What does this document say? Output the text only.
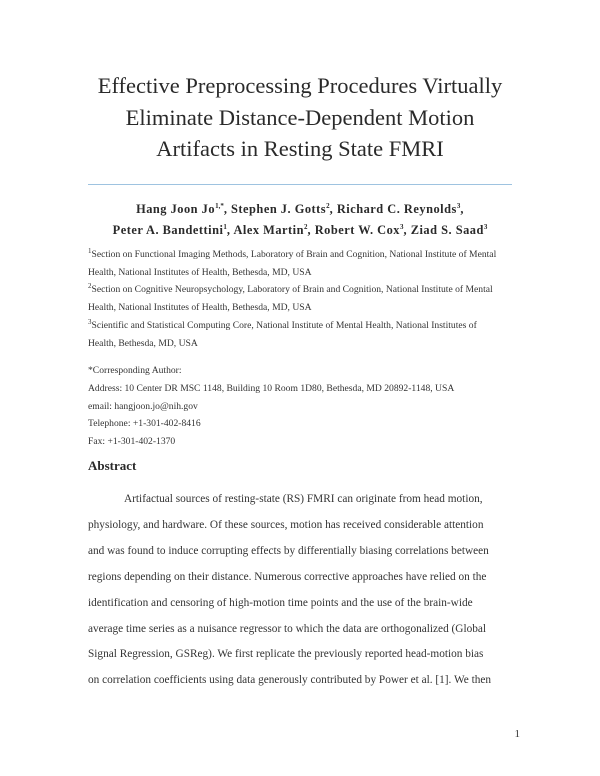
Effective Preprocessing Procedures Virtually
Eliminate Distance-Dependent Motion
Artifacts in Resting State FMRI
Hang Joon $Jo^{1,*}$, Stephen J. Gotts$^2$, Richard C. Reynolds$^3$,
Peter A. Bandettini$^1$, Alex Martin$^2$, Robert W. Cox$^3$, Ziad S. Saad$^3$
$^1$Section on Functional Imaging Methods, Laboratory of Brain and Cognition, National Institute of Mental
Health, National Institutes of Health, Bethesda, MD, USA
$^2$Section on Cognitive Neuropsychology, Laboratory of Brain and Cognition, National Institute of Mental
Health, National Institutes of Health, Bethesda, MD, USA
$^3$Scientific and Statistical Computing Core, National Institute of Mental Health, National Institutes of
Health, Bethesda, MD, USA
*Corresponding Author:
Address: 10 Center DR MSC 1148, Building 10 Room 1D80, Bethesda, MD 20892-1148, USA
email: hangjoon.jo@nih.gov
Telephone: +1-301-402-8416
Fax: +1-301-402-1370
Abstract
Artifactual sources of resting-state (RS) FMRI can originate from head motion,
physiology, and hardware. Of these sources, motion has received considerable attention
and was found to induce corrupting effects by differentially biasing correlations between
regions depending on their distance. Numerous corrective approaches have relied on the
identification and censoring of high-motion time points and the use of the brain-wide
average time series as a nuisance regressor to which the data are orthogonalized (Global
Signal Regression, GSReg). We first replicate the previously reported head-motion bias
on correlation coefficients using data generously contributed by Power et al. [1]. We then
1
